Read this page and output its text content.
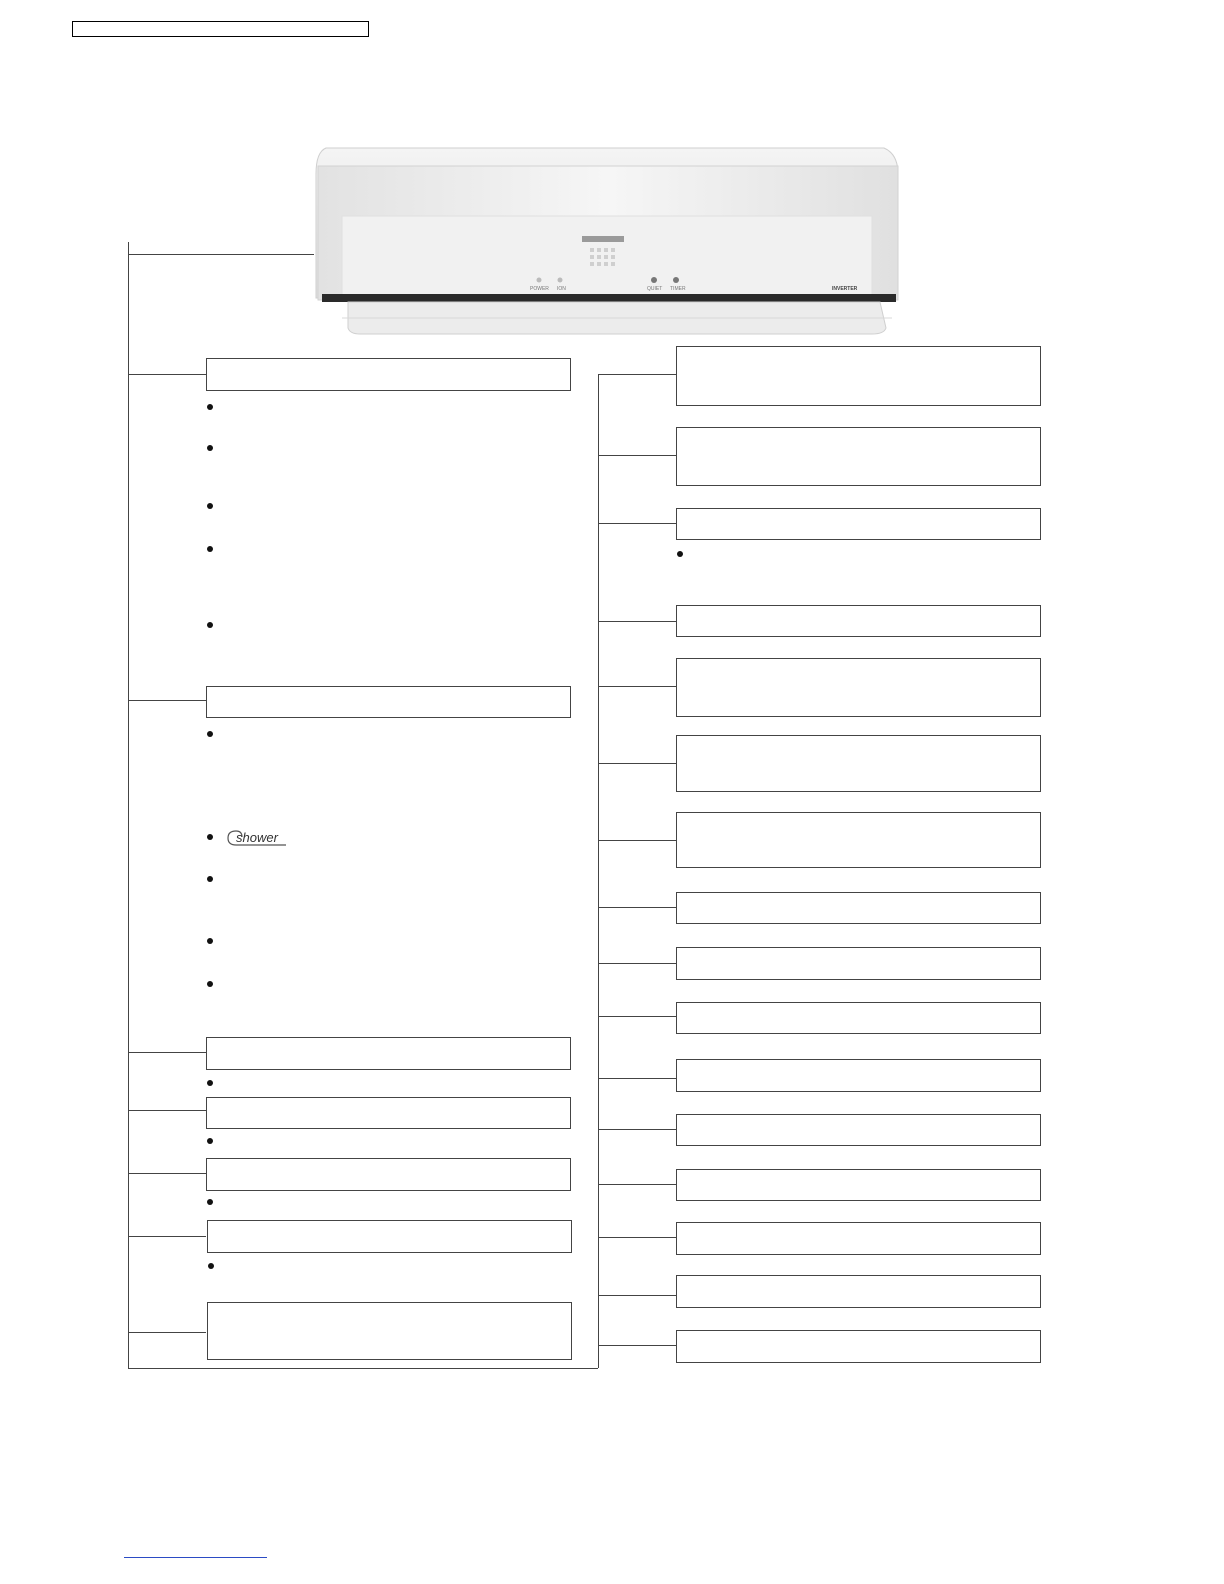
POWER ION	QUIET TIMER	INVERTER
shower
